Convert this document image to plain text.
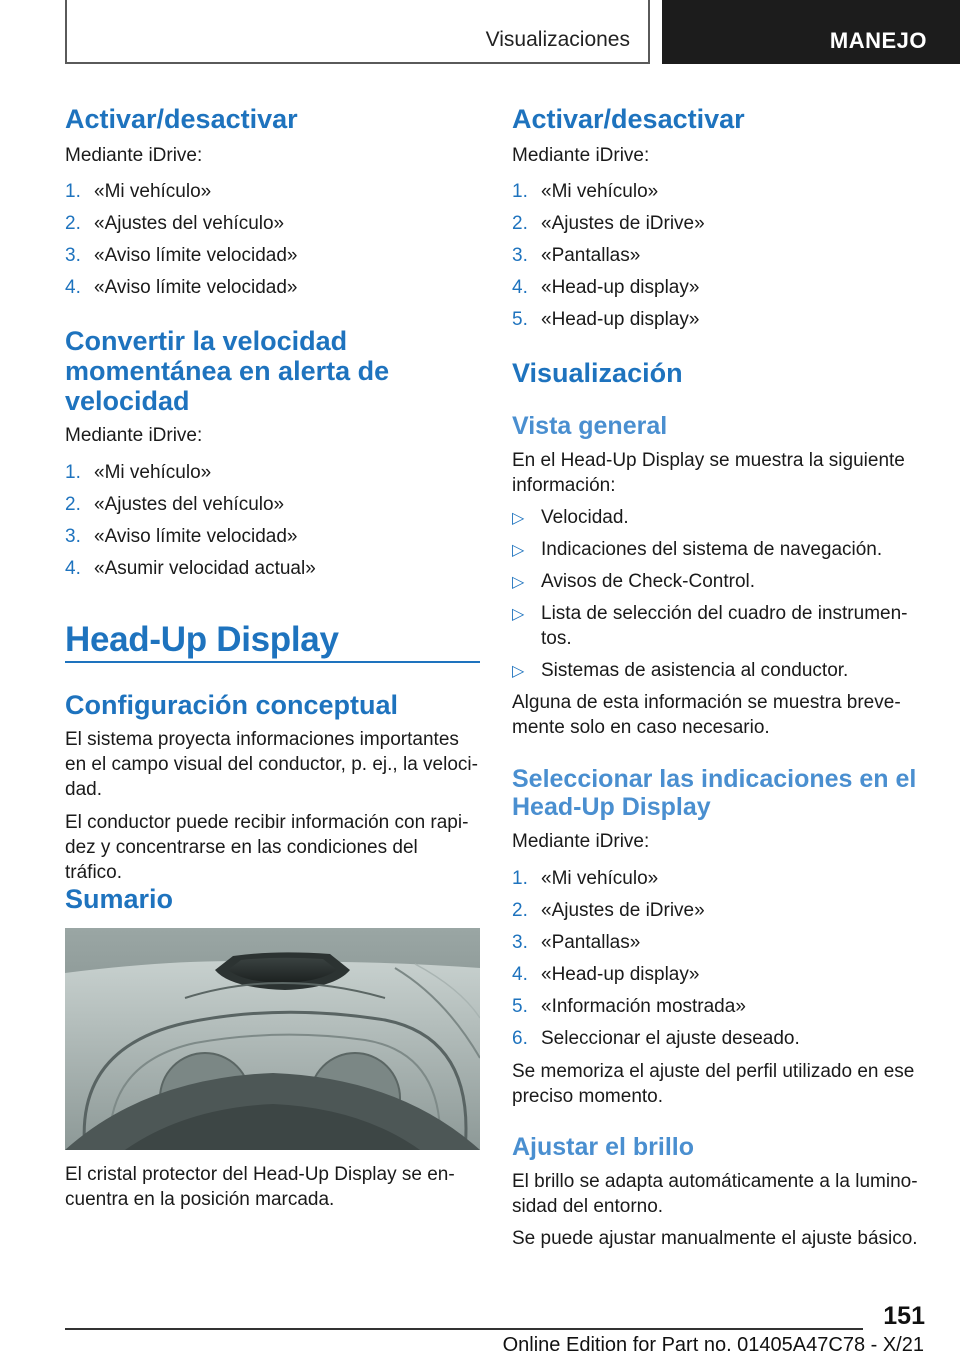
Visualizaciones	MANEJO
Activar/desactivar
Mediante iDrive:
1. «Mi vehículo»
2. «Ajustes del vehículo»
3. «Aviso límite velocidad»
4. «Aviso límite velocidad»
Convertir la velocidad
momentánea en alerta de
velocidad
Mediante iDrive:
1. «Mi vehículo»
2. «Ajustes del vehículo»
3. «Aviso límite velocidad»
4. «Asumir velocidad actual»
Head-Up Display
Configuración conceptual
El sistema proyecta informaciones importantes
en el campo visual del conductor, p. ej., la veloci‐
dad.
El conductor puede recibir información con rapi‐
dez y concentrarse en las condiciones del tráfico.
Sumario
El cristal protector del Head-Up Display se en‐
cuentra en la posición marcada.
Activar/desactivar
Mediante iDrive:
1. «Mi vehículo»
2. «Ajustes de iDrive»
3. «Pantallas»
4. «Head-up display»
5. «Head-up display»
Visualización
Vista general
En el Head-Up Display se muestra la siguiente
información:
▷ Velocidad.
▷ Indicaciones del sistema de navegación.
▷ Avisos de Check-Control.
▷ Lista de selección del cuadro de instrumen‐
tos.
▷ Sistemas de asistencia al conductor.
Alguna de esta información se muestra breve‐
mente solo en caso necesario.
Seleccionar las indicaciones en el
Head-Up Display
Mediante iDrive:
1. «Mi vehículo»
2. «Ajustes de iDrive»
3. «Pantallas»
4. «Head-up display»
5. «Información mostrada»
6. Seleccionar el ajuste deseado.
Se memoriza el ajuste del perfil utilizado en ese
preciso momento.
Ajustar el brillo
El brillo se adapta automáticamente a la lumino‐
sidad del entorno.
Se puede ajustar manualmente el ajuste básico.
151
Online Edition for Part no. 01405A47C78 - X/21
